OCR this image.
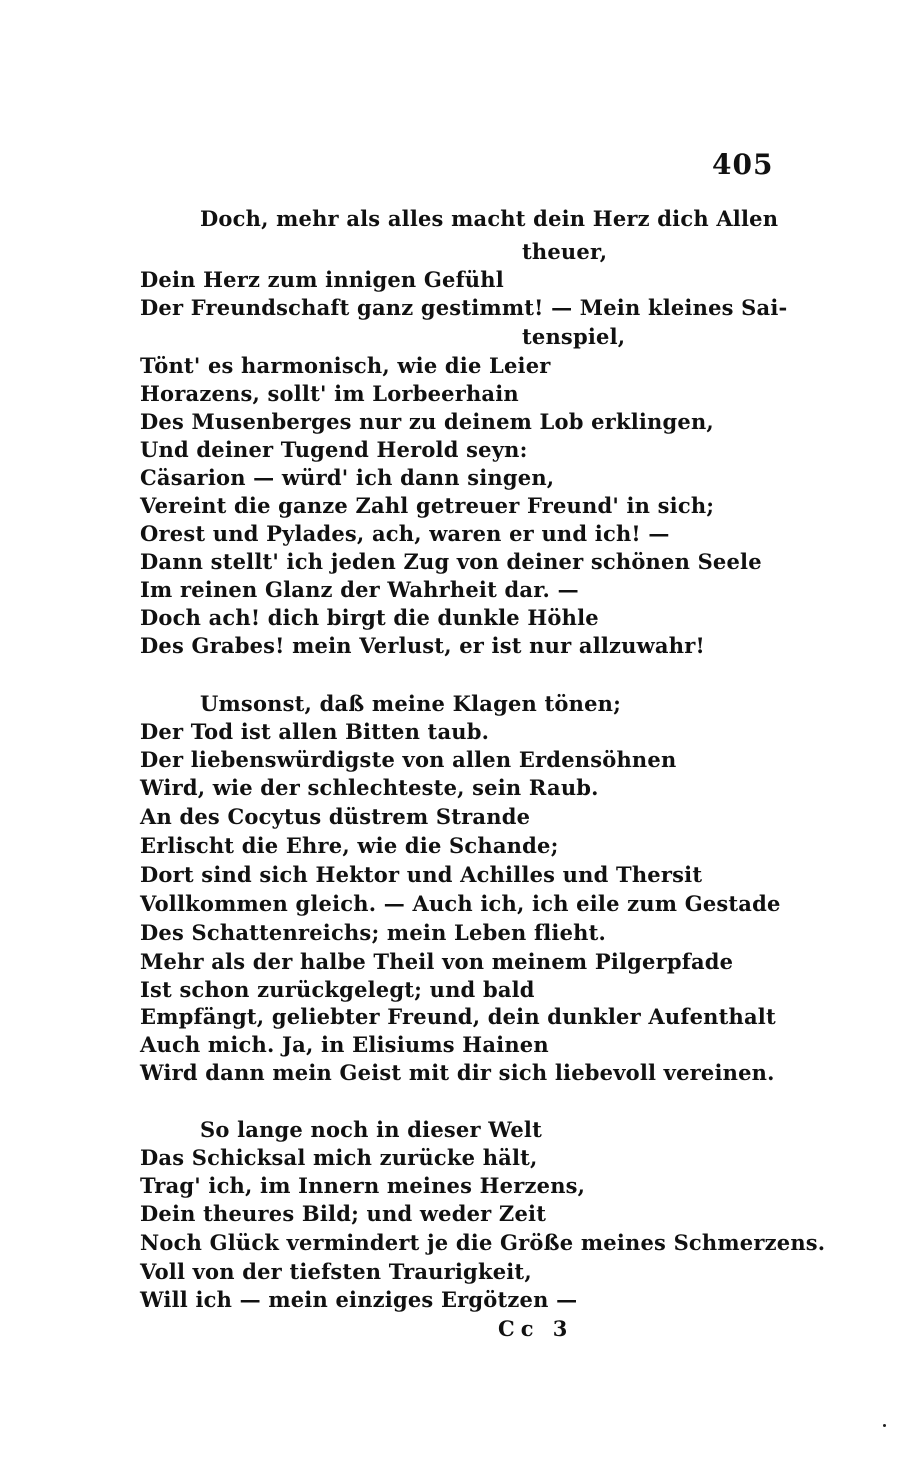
405
Doch, mehr als alles macht dein Herz dich Allen
theuer,
Dein Herz zum innigen Gefühl
Der Freundschaft ganz gestimmt! — Mein kleines Sai-
tenspiel,
Tönt' es harmonisch, wie die Leier
Horazens, sollt' im Lorbeerhain
Des Musenberges nur zu deinem Lob erklingen,
Und deiner Tugend Herold seyn:
Cäsarion — würd' ich dann singen,
Vereint die ganze Zahl getreuer Freund' in sich;
Orest und Pylades, ach, waren er und ich! —
Dann stellt' ich jeden Zug von deiner schönen Seele
Im reinen Glanz der Wahrheit dar. —
Doch ach! dich birgt die dunkle Höhle
Des Grabes! mein Verlust, er ist nur allzuwahr!
Umsonst, daß meine Klagen tönen;
Der Tod ist allen Bitten taub.
Der liebenswürdigste von allen Erdensöhnen
Wird, wie der schlechteste, sein Raub.
An des Cocytus düstrem Strande
Erlischt die Ehre, wie die Schande;
Dort sind sich Hektor und Achilles und Thersit
Vollkommen gleich. — Auch ich, ich eile zum Gestade
Des Schattenreichs; mein Leben flieht.
Mehr als der halbe Theil von meinem Pilgerpfade
Ist schon zurückgelegt; und bald
Empfängt, geliebter Freund, dein dunkler Aufenthalt
Auch mich. Ja, in Elisiums Hainen
Wird dann mein Geist mit dir sich liebevoll vereinen.
So lange noch in dieser Welt
Das Schicksal mich zurücke hält,
Trag' ich, im Innern meines Herzens,
Dein theures Bild; und weder Zeit
Noch Glück vermindert je die Größe meines Schmerzens.
Voll von der tiefsten Traurigkeit,
Will ich — mein einziges Ergötzen —
Cc 3
